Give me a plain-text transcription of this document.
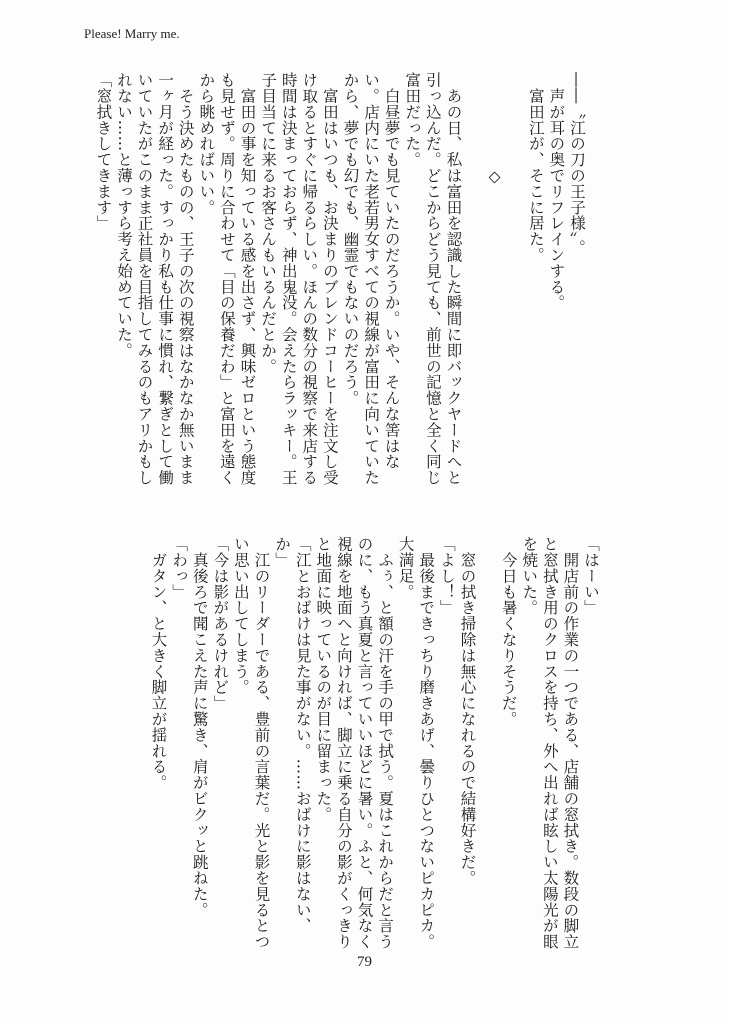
Please! Marry me.
――〝江の刀の王子様〟。
　声が耳の奥でリフレインする。
　富田江が、そこに居た。

　　　　　　◇

　あの日、私は富田を認識した瞬間に即バックヤードへと
引っ込んだ。どこからどう見ても、前世の記憶と全く同じ
富田だった。
　白昼夢でも見ていたのだろうか。いや、そんな筈はな
い。店内にいた老若男女すべての視線が富田に向いていた
から、夢でも幻でも、幽霊でもないのだろう。
　富田はいつも、お決まりのブレンドコーヒーを注文し受
け取るとすぐに帰るらしい。ほんの数分の視察で来店する
時間は決まっておらず、神出鬼没。会えたらラッキー。王
子目当てに来るお客さんもいるんだとか。
　富田の事を知っている感を出さず、興味ゼロという態度
も見せず。周りに合わせて「目の保養だわ」と富田を遠く
から眺めればいい。
　そう決めたものの、王子の次の視察はなかなか無いまま
一ヶ月が経った。すっかり私も仕事に慣れ、繋ぎとして働
いていたがこのまま正社員を目指してみるのもアリかもし
れない……と薄っすら考え始めていた。
「窓拭きしてきます」
「はーい」
　開店前の作業の一つである、店舗の窓拭き。数段の脚立
と窓拭き用のクロスを持ち、外へ出れば眩しい太陽光が眼
を焼いた。
　今日も暑くなりそうだ。

　窓の拭き掃除は無心になれるので結構好きだ。
「よし！」
　最後まできっちり磨きあげ、曇りひとつないピカピカ。
大満足。
　ふぅ、と額の汗を手の甲で拭う。夏はこれからだと言う
のに、もう真夏と言っていいほどに暑い。ふと、何気なく
視線を地面へと向ければ、脚立に乗る自分の影がくっきり
と地面に映っているのが目に留まった。
「江とおばけは見た事がない。……おばけに影はない、
か」
　江のリーダーである、豊前の言葉だ。光と影を見るとつ
い思い出してしまう。
「今は影があるけれど」
　真後ろで聞こえた声に驚き、肩がビクッと跳ねた。
「わっ」
　ガタン、と大きく脚立が揺れる。
79
